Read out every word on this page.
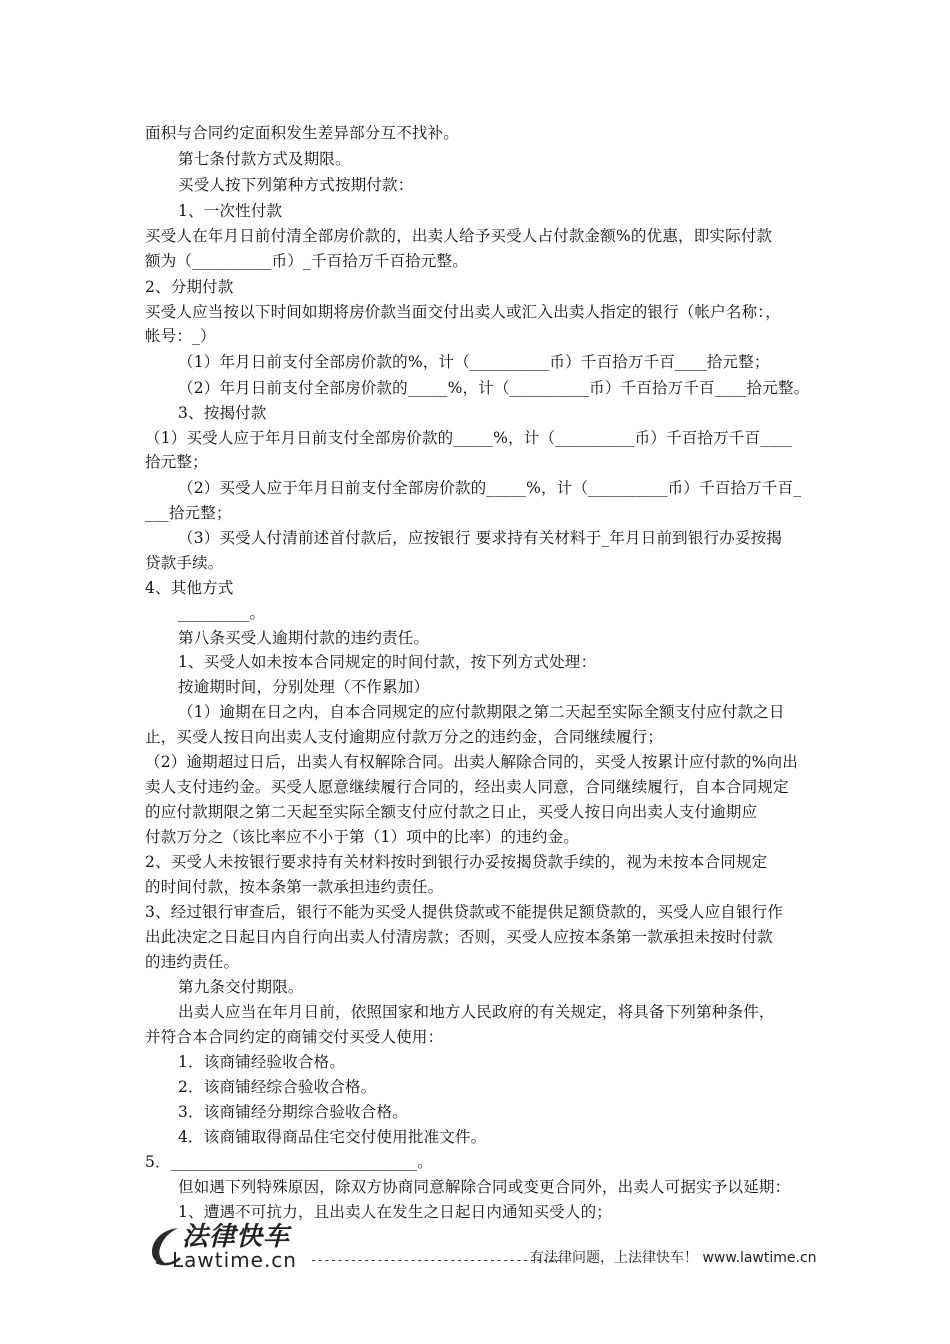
面积与合同约定面积发生差异部分互不找补。
第七条付款方式及期限。
买受人按下列第种方式按期付款：
1、一次性付款
买受人在年月日前付清全部房价款的，出卖人给予买受人占付款金额%的优惠，即实际付款
额为（__________币）_千百拾万千百拾元整。
2、分期付款
买受人应当按以下时间如期将房价款当面交付出卖人或汇入出卖人指定的银行（帐户名称：，
帐号：_）
（1）年月日前支付全部房价款的%，计（__________币）千百拾万千百____拾元整；
（2）年月日前支付全部房价款的_____%，计（__________币）千百拾万千百____拾元整。
3、按揭付款
（1）买受人应于年月日前支付全部房价款的_____%，计（__________币）千百拾万千百____
拾元整；
（2）买受人应于年月日前支付全部房价款的_____%，计（__________币）千百拾万千百_
___拾元整；
（3）买受人付清前述首付款后，应按银行 要求持有关材料于_年月日前到银行办妥按揭
贷款手续。
4、其他方式
_________。
第八条买受人逾期付款的违约责任。
1、买受人如未按本合同规定的时间付款，按下列方式处理：
按逾期时间，分别处理（不作累加）
（1）逾期在日之内，自本合同规定的应付款期限之第二天起至实际全额支付应付款之日
止，买受人按日向出卖人支付逾期应付款万分之的违约金，合同继续履行；
（2）逾期超过日后，出卖人有权解除合同。出卖人解除合同的，买受人按累计应付款的%向出
卖人支付违约金。买受人愿意继续履行合同的，经出卖人同意，合同继续履行，自本合同规定
的应付款期限之第二天起至实际全额支付应付款之日止，买受人按日向出卖人支付逾期应
付款万分之（该比率应不小于第（1）项中的比率）的违约金。
2、买受人未按银行要求持有关材料按时到银行办妥按揭贷款手续的，视为未按本合同规定
的时间付款，按本条第一款承担违约责任。
3、经过银行审查后，银行不能为买受人提供贷款或不能提供足额贷款的，买受人应自银行作
出此决定之日起日内自行向出卖人付清房款；否则，买受人应按本条第一款承担未按时付款
的违约责任。
第九条交付期限。
出卖人应当在年月日前，依照国家和地方人民政府的有关规定，将具备下列第种条件，
并符合本合同约定的商铺交付买受人使用：
1．该商铺经验收合格。
2．该商铺经综合验收合格。
3．该商铺经分期综合验收合格。
4．该商铺取得商品住宅交付使用批准文件。
5．_______________________________。
但如遇下列特殊原因，除双方协商同意解除合同或变更合同外，出卖人可据实予以延期：
1、遭遇不可抗力，且出卖人在发生之日起日内通知买受人的；
法律快车
Lawtime.cn --------------------------------------
有法律问题，上法律快车！ www.lawtime.cn
